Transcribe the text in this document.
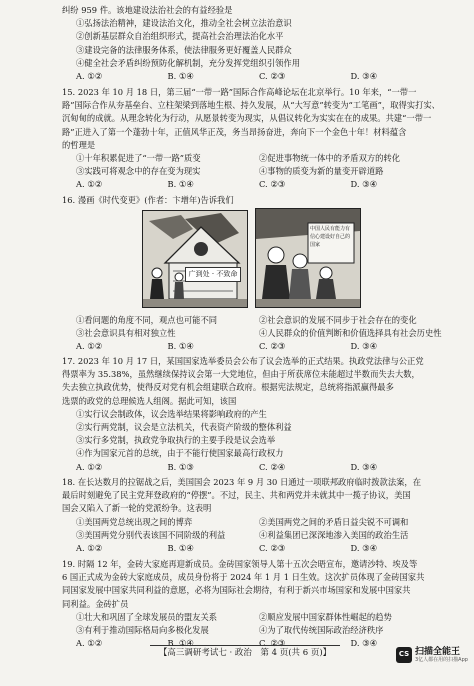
纠纷 959 件。该地建设法治社会的有益经验是
①弘扬法治精神，建设法治文化，推动全社会树立法治意识
②创新基层群众自治组织形式，提高社会治理法治化水平
③建设完备的法律服务体系，使法律服务更好覆盖人民群众
④健全社会矛盾纠纷预防化解机制，充分发挥党组织引领作用
A. ①②	B. ①④	C. ②③	D. ③④
15. 2023 年 10 月 18 日，第三届“一带一路”国际合作高峰论坛在北京举行。10 年来，“一带一
路”国际合作从夯基垒台、立柱架梁到落地生根、持久发展，从“大写意”转变为“工笔画”，取得实打实、
沉甸甸的成就。从理念转化为行动，从愿景转变为现实，从倡议转化为实实在在的成果。共建“一带一
路”正进入了第一个蓬勃十年，正值风华正茂，务当昂扬奋进，奔向下一个金色十年！材料蕴含
的哲理是
①十年积累促进了“一带一路”质变	②促进事物统一体中的矛盾双方的转化
③实践可将观念中的存在变为现实	④事物的质变为新的量变开辟道路
A. ①②	B. ①④	C. ②③	D. ③④
16. 漫画《时代变更》(作者：卞增年)告诉我们
广到处 · 不致命
中国人民有能力有信心建设好自己的国家
①看问题的角度不同，观点也可能不同	②社会意识的发展不同步于社会存在的变化
③社会意识具有相对独立性	④人民群众的价值判断和价值选择具有社会历史性
A. ①②	B. ①④	C. ②③	D. ③④
17. 2023 年 10 月 17 日，某国国家选举委员会公布了议会选举的正式结果。执政党法律与公正党
得票率为 35.38%，虽然继续保持议会第一大党地位，但由于所获席位未能超过半数而失去大数，
失去独立执政优势，使得反对党有机会组建联合政府。根据宪法规定，总统将指派赢得最多
选票的政党的总理候选人组阁。据此可知，该国
①实行议会制政体，议会选举结果将影响政府的产生
②实行两党制，议会是立法机关，代表资产阶级的整体利益
③实行多党制，执政党争取执行的主要手段是议会选举
④作为国家元首的总统，由于不能行使国家最高行政权力
A. ①②	B. ①③	C. ②④	D. ③④
18. 在长达数月的拉锯战之后，美国国会 2023 年 9 月 30 日通过一项联邦政府临时拨款法案，在
最后时刻避免了民主党拜登政府的“停摆”。不过，民主、共和两党并未就其中一揽子协议，美国
国会又陷入了新一轮的党派纷争。这表明
①美国两党总统出现之间的博弈	②美国两党之间的矛盾日益尖锐不可调和
③美国两党分别代表该国不同阶级的利益	④利益集团已深深地渗入美国的政治生活
A. ①②	B. ①④	C. ②③	D. ③④
19. 时隔 12 年，金砖大家庭再迎新成员。金砖国家领导人第十五次会晤宣布，邀请沙特、埃及等
6 国正式成为金砖大家庭成员，成员身份将于 2024 年 1 月 1 日生效。这次扩员体现了金砖国家共
同国家发展中国家共同利益的意愿，必将为国际社会期待，有利于新兴市场国家和发展中国家共
同利益。金砖扩员
①壮大和巩固了全球发展员的盟友关系	②顺应发展中国家群体性崛起的趋势
③有利于推动国际格局向多极化发展	④为了取代传统国际政治经济秩序
A. ①②	B. ①④	C. ②③	D. ③④
【高三调研考试七 · 政治　第 4 页(共 6 页)】	CS 扫描全能王
3亿人都在用的扫描App
